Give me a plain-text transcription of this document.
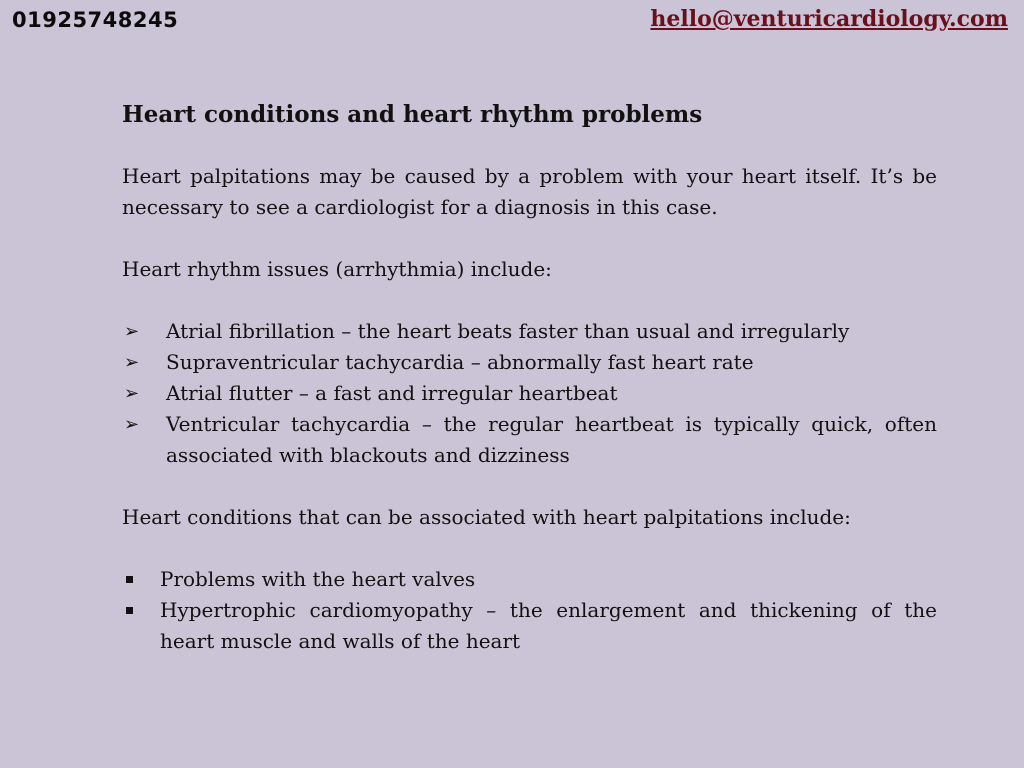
01925748245	hello@venturicardiology.com
Heart conditions and heart rhythm problems

Heart palpitations may be caused by a problem with your heart itself. It’s be necessary to see a cardiologist for a diagnosis in this case.

Heart rhythm issues (arrhythmia) include:

➢ Atrial fibrillation – the heart beats faster than usual and irregularly
➢ Supraventricular tachycardia – abnormally fast heart rate
➢ Atrial flutter – a fast and irregular heartbeat
➢ Ventricular tachycardia – the regular heartbeat is typically quick, often associated with blackouts and dizziness

Heart conditions that can be associated with heart palpitations include:

Problems with the heart valves
Hypertrophic cardiomyopathy – the enlargement and thickening of the heart muscle and walls of the heart
